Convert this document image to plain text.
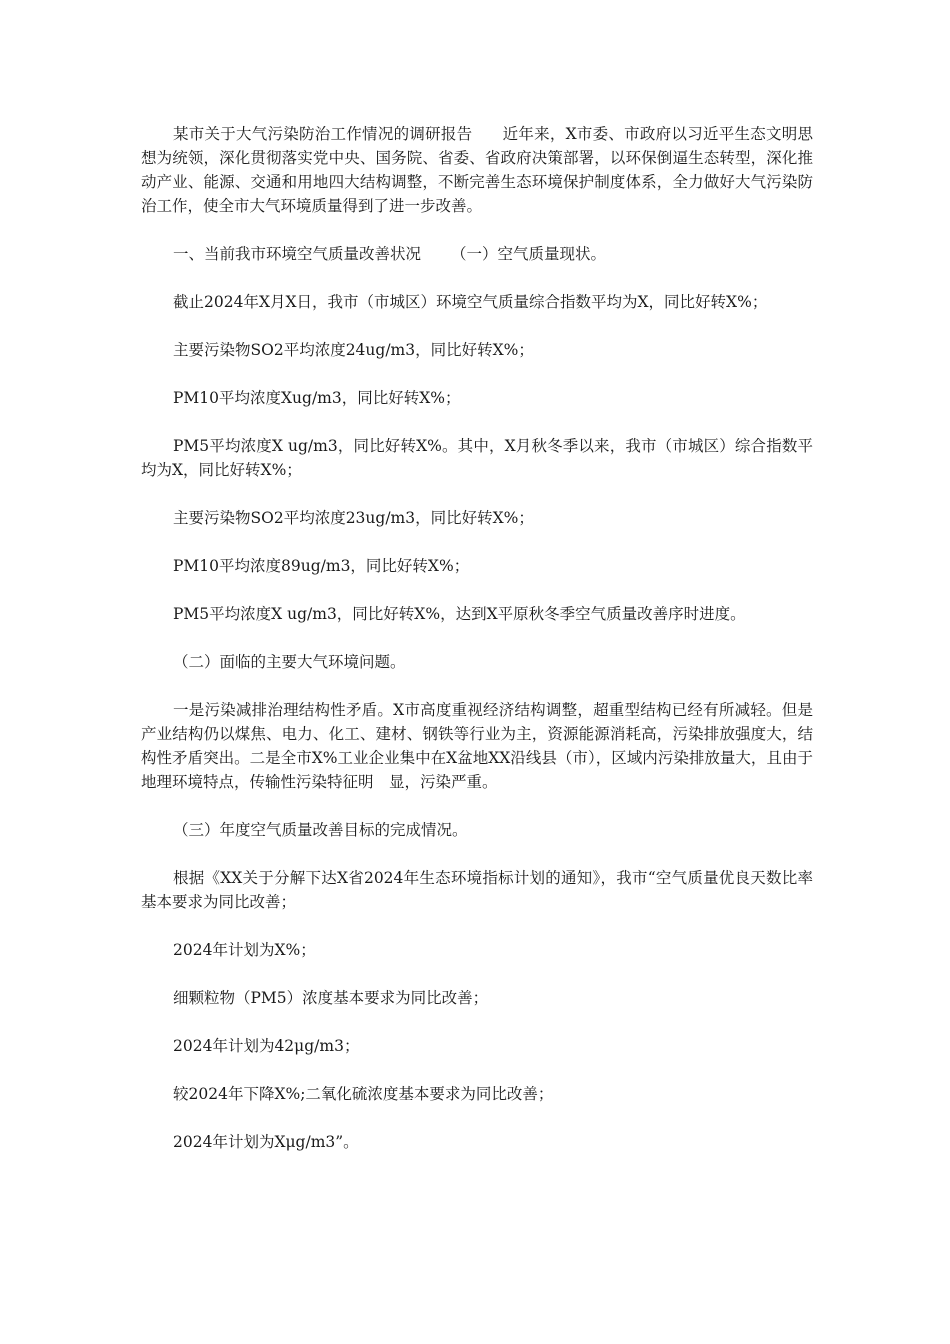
某市关于大气污染防治工作情况的调研报告 近年来，X市委、市政府以习近平生态文明思想为统领，深化贯彻落实党中央、国务院、省委、省政府决策部署，以环保倒逼生态转型，深化推动产业、能源、交通和用地四大结构调整，不断完善生态环境保护制度体系，全力做好大气污染防治工作，使全市大气环境质量得到了进一步改善。

一、当前我市环境空气质量改善状况 （一）空气质量现状。

截止2024年X月X日，我市（市城区）环境空气质量综合指数平均为X，同比好转X%；

主要污染物SO2平均浓度24ug/m3，同比好转X%；

PM10平均浓度Xug/m3，同比好转X%；

PM5平均浓度X ug/m3，同比好转X%。其中，X月秋冬季以来，我市（市城区）综合指数平均为X，同比好转X%；

主要污染物SO2平均浓度23ug/m3，同比好转X%；

PM10平均浓度89ug/m3，同比好转X%；

PM5平均浓度X ug/m3，同比好转X%，达到X平原秋冬季空气质量改善序时进度。

（二）面临的主要大气环境问题。

一是污染减排治理结构性矛盾。X市高度重视经济结构调整，超重型结构已经有所减轻。但是产业结构仍以煤焦、电力、化工、建材、钢铁等行业为主，资源能源消耗高，污染排放强度大，结构性矛盾突出。二是全市X%工业企业集中在X盆地XX沿线县（市），区域内污染排放量大，且由于地理环境特点，传输性污染特征明　显，污染严重。

（三）年度空气质量改善目标的完成情况。

根据《XX关于分解下达X省2024年生态环境指标计划的通知》，我市“空气质量优良天数比率基本要求为同比改善；

2024年计划为X%；

细颗粒物（PM5）浓度基本要求为同比改善；

2024年计划为42μg/m3；

较2024年下降X%;二氧化硫浓度基本要求为同比改善；

2024年计划为Xμg/m3”。
